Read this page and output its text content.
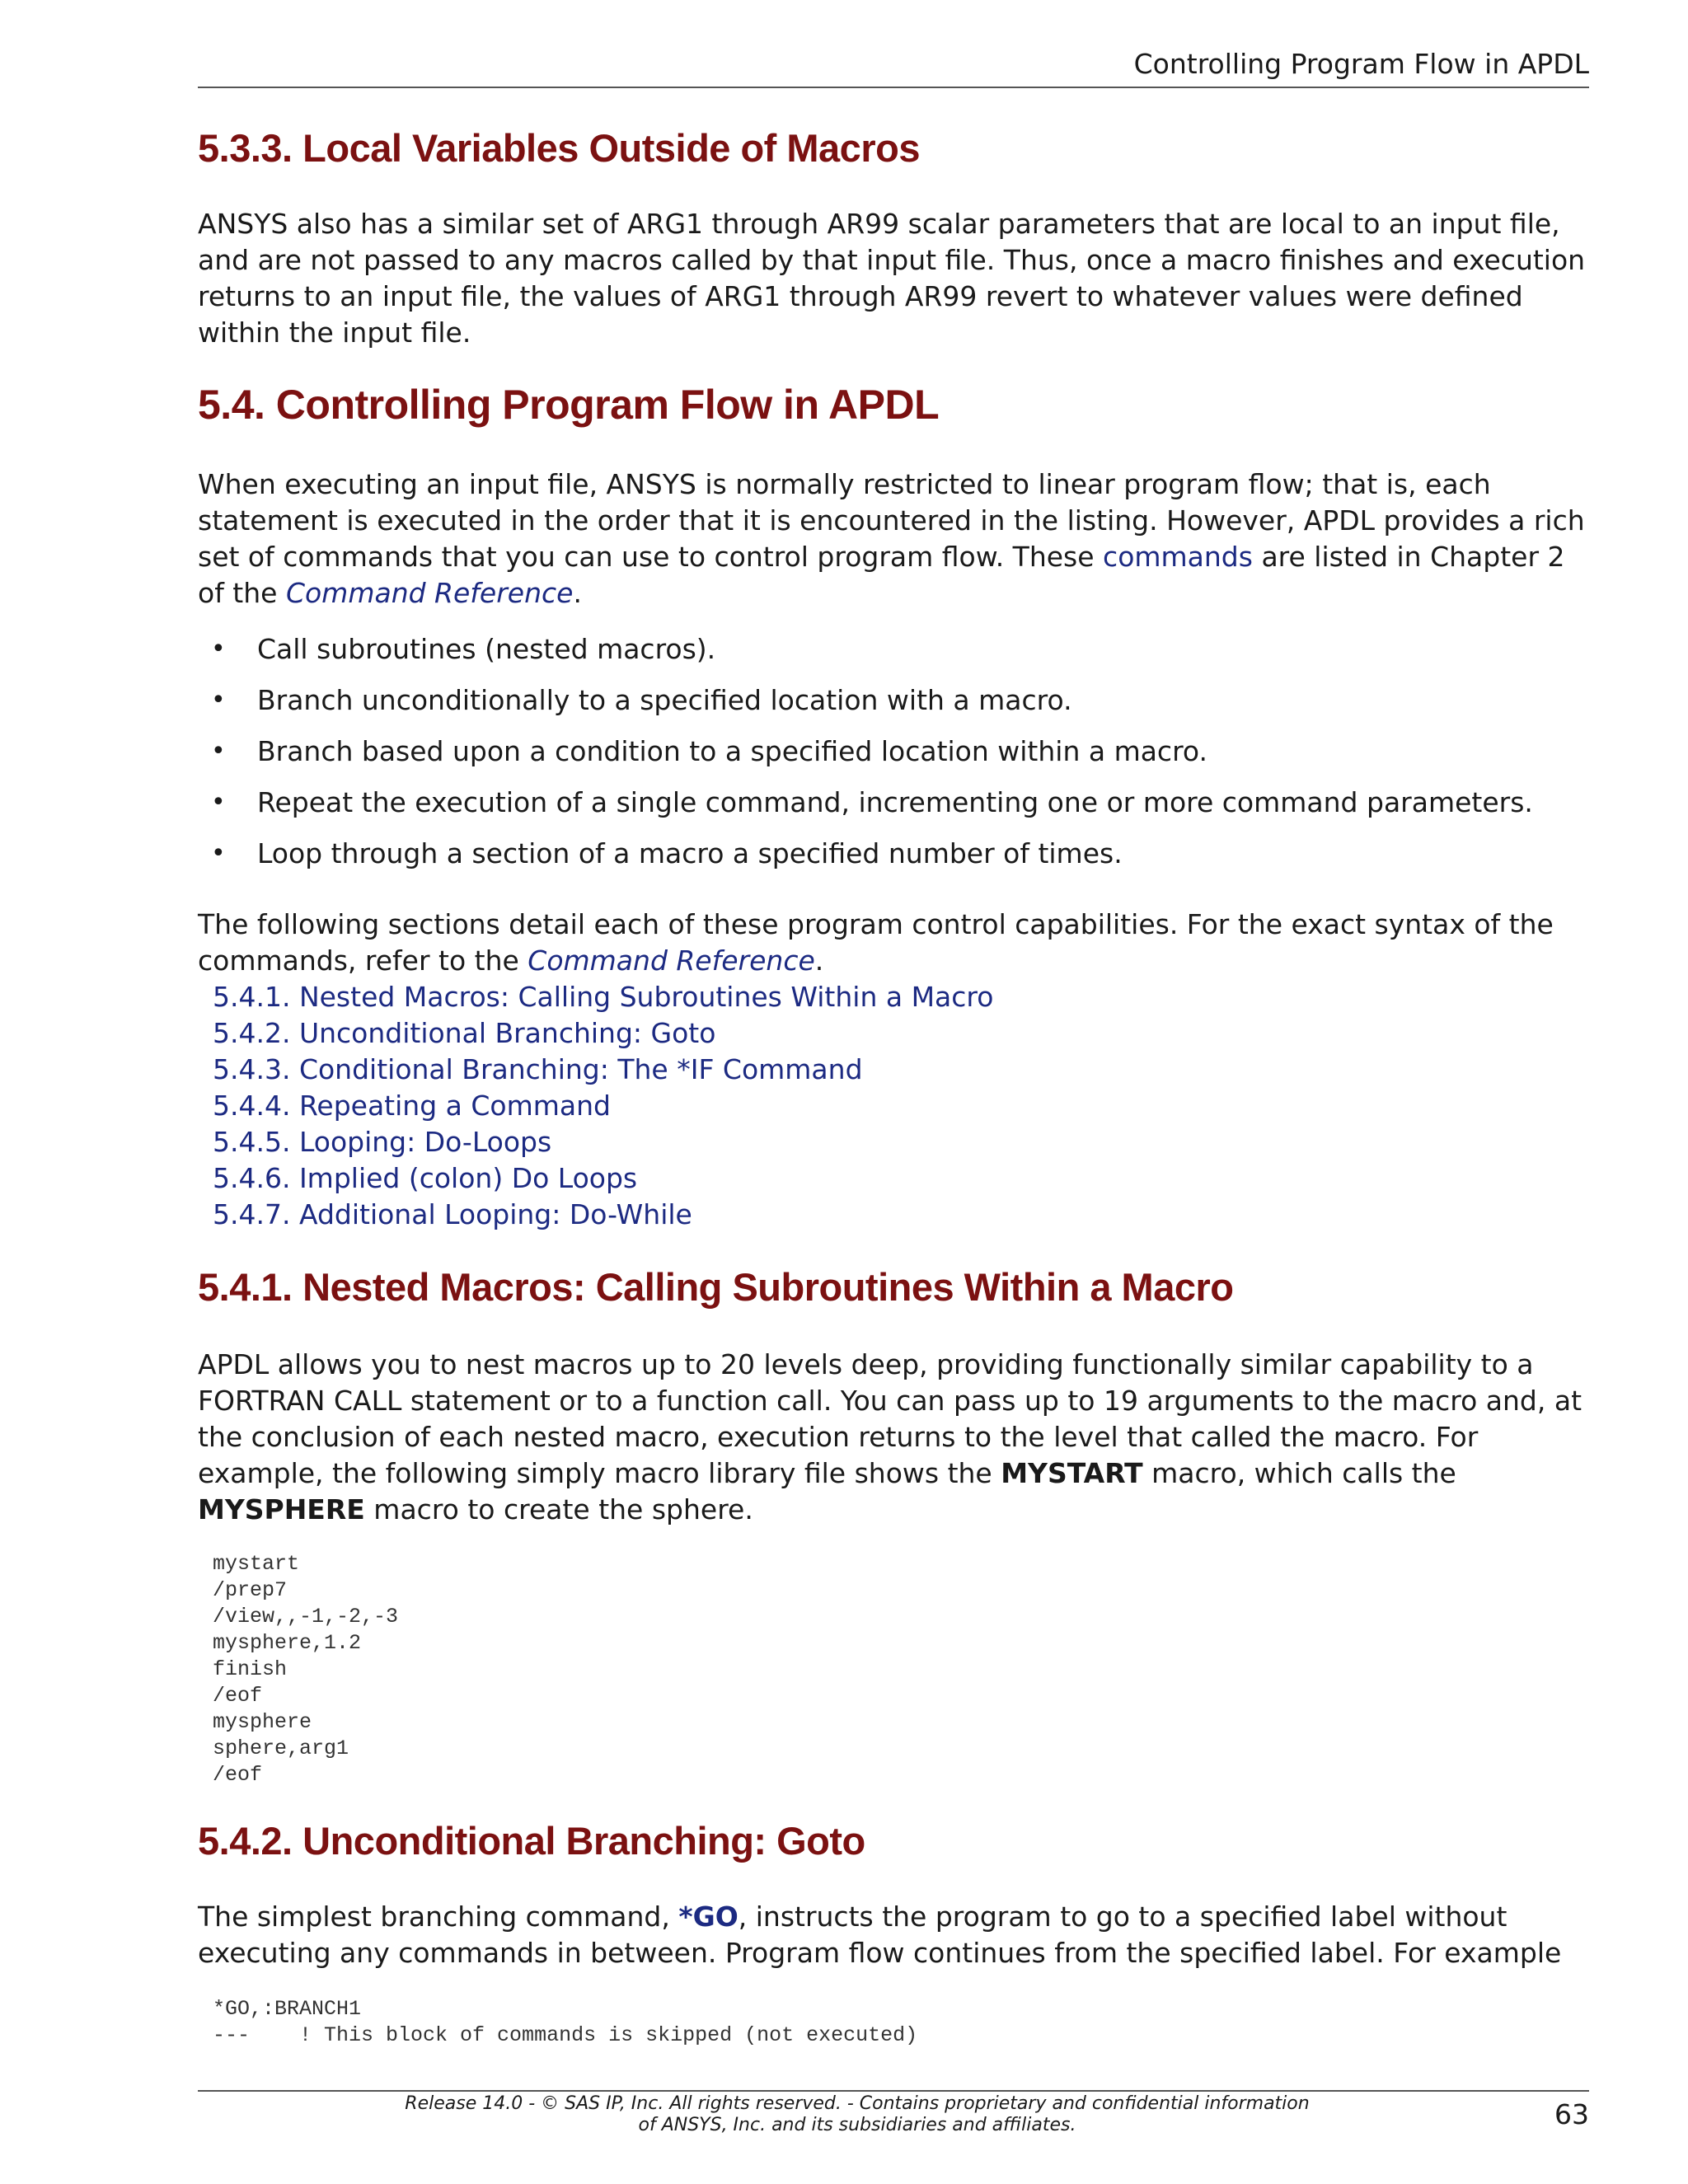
Controlling Program Flow in APDL
5.3.3. Local Variables Outside of Macros

ANSYS also has a similar set of ARG1 through AR99 scalar parameters that are local to an input file, and are not passed to any macros called by that input file. Thus, once a macro finishes and execution returns to an input file, the values of ARG1 through AR99 revert to whatever values were defined within the input file.

5.4. Controlling Program Flow in APDL

When executing an input file, ANSYS is normally restricted to linear program flow; that is, each statement is executed in the order that it is encountered in the listing. However, APDL provides a rich set of commands that you can use to control program flow. These commands are listed in Chapter 2 of the Command Reference.

• Call subroutines (nested macros).
• Branch unconditionally to a specified location with a macro.
• Branch based upon a condition to a specified location within a macro.
• Repeat the execution of a single command, incrementing one or more command parameters.
• Loop through a section of a macro a specified number of times.

The following sections detail each of these program control capabilities. For the exact syntax of the commands, refer to the Command Reference.

5.4.1. Nested Macros: Calling Subroutines Within a Macro
5.4.2. Unconditional Branching: Goto
5.4.3. Conditional Branching: The *IF Command
5.4.4. Repeating a Command
5.4.5. Looping: Do-Loops
5.4.6. Implied (colon) Do Loops
5.4.7. Additional Looping: Do-While
5.4.1. Nested Macros: Calling Subroutines Within a Macro

APDL allows you to nest macros up to 20 levels deep, providing functionally similar capability to a FORTRAN CALL statement or to a function call. You can pass up to 19 arguments to the macro and, at the conclusion of each nested macro, execution returns to the level that called the macro. For example, the following simply macro library file shows the MYSTART macro, which calls the MYSPHERE macro to create the sphere.

mystart
/prep7
/view,,-1,-2,-3
mysphere,1.2
finish
/eof
mysphere
sphere,arg1
/eof
5.4.2. Unconditional Branching: Goto

The simplest branching command, *GO, instructs the program to go to a specified label without executing any commands in between. Program flow continues from the specified label. For example

*GO,:BRANCH1
---    ! This block of commands is skipped (not executed)
Release 14.0 - © SAS IP, Inc. All rights reserved. - Contains proprietary and confidential information
of ANSYS, Inc. and its subsidiaries and affiliates.	63
